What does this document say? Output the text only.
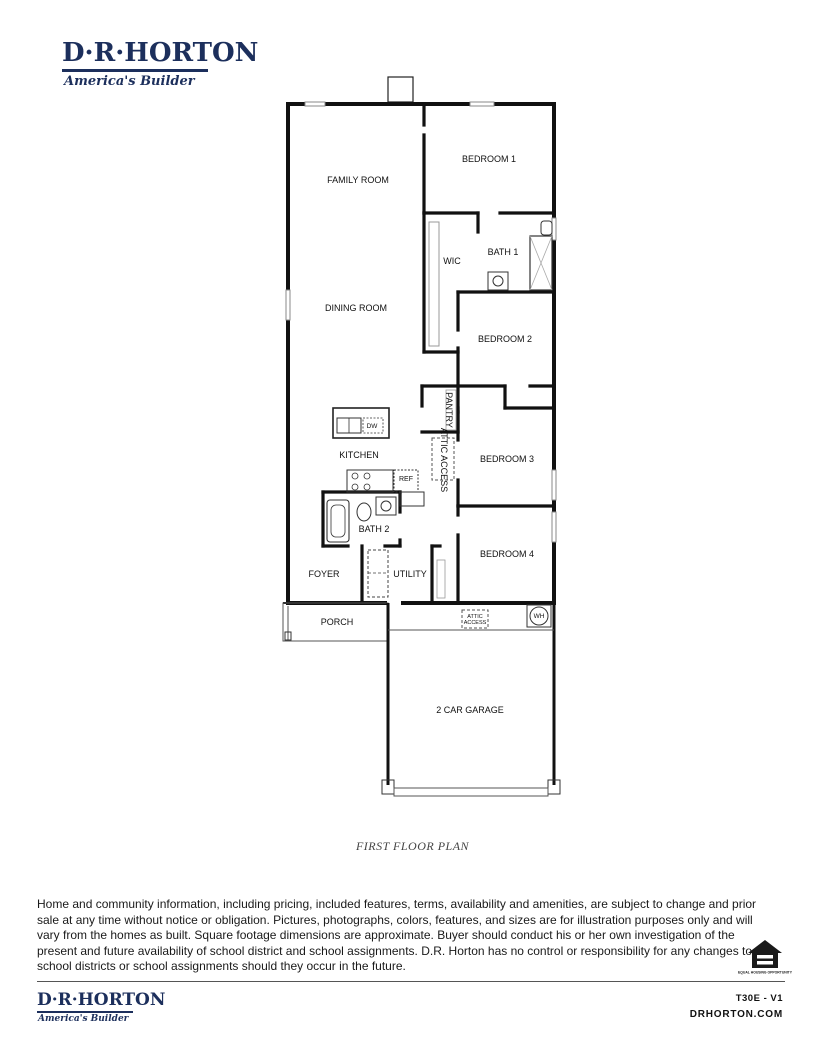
D·R·HORTON
America's Builder
BEDROOM 1
FAMILY ROOM
BATH 1
WIC
DINING ROOM
BEDROOM 2
PANTRY
ATTIC ACCESS
KITCHEN	BEDROOM 3
DW
REF
BATH 2
BEDROOM 4
FOYER	UTILITY
PORCH	ATTIC
ACCESS
WH
2 CAR GARAGE
FIRST FLOOR PLAN
Home and community information, including pricing, included features, terms, availability and amenities, are subject to change and prior sale at any time without notice or obligation. Pictures, photographs, colors, features, and sizes are for illustration purposes only and will vary from the homes as built. Square footage dimensions are approximate. Buyer should conduct his or her own investigation of the present and future availability of school district and school assignments. D.R. Horton has no control or responsibility for any changes to school districts or school assignments should they occur in the future.	EQUAL HOUSING OPPORTUNITY
D·R·HORTON
America's Builder
T30E - V1
DRHORTON.COM
